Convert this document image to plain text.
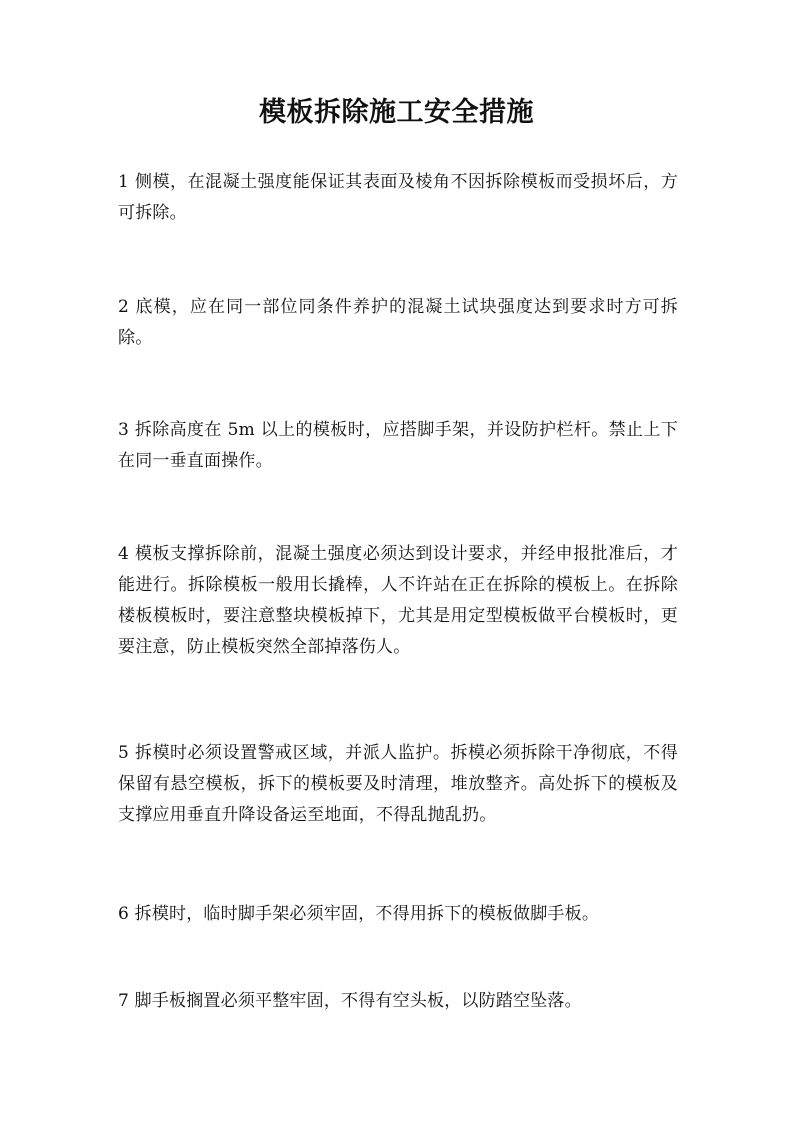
模板拆除施工安全措施

1 侧模，在混凝土强度能保证其表面及棱角不因拆除模板而受损坏后，方可拆除。

2 底模，应在同一部位同条件养护的混凝土试块强度达到要求时方可拆除。

3 拆除高度在 5m 以上的模板时，应搭脚手架，并设防护栏杆。禁止上下在同一垂直面操作。

4 模板支撑拆除前，混凝土强度必须达到设计要求，并经申报批准后，才能进行。拆除模板一般用长撬棒，人不许站在正在拆除的模板上。在拆除楼板模板时，要注意整块模板掉下，尤其是用定型模板做平台模板时，更要注意，防止模板突然全部掉落伤人。

5 拆模时必须设置警戒区域，并派人监护。拆模必须拆除干净彻底，不得保留有悬空模板，拆下的模板要及时清理，堆放整齐。高处拆下的模板及支撑应用垂直升降设备运至地面，不得乱抛乱扔。

6 拆模时，临时脚手架必须牢固，不得用拆下的模板做脚手板。

7 脚手板搁置必须平整牢固，不得有空头板，以防踏空坠落。
